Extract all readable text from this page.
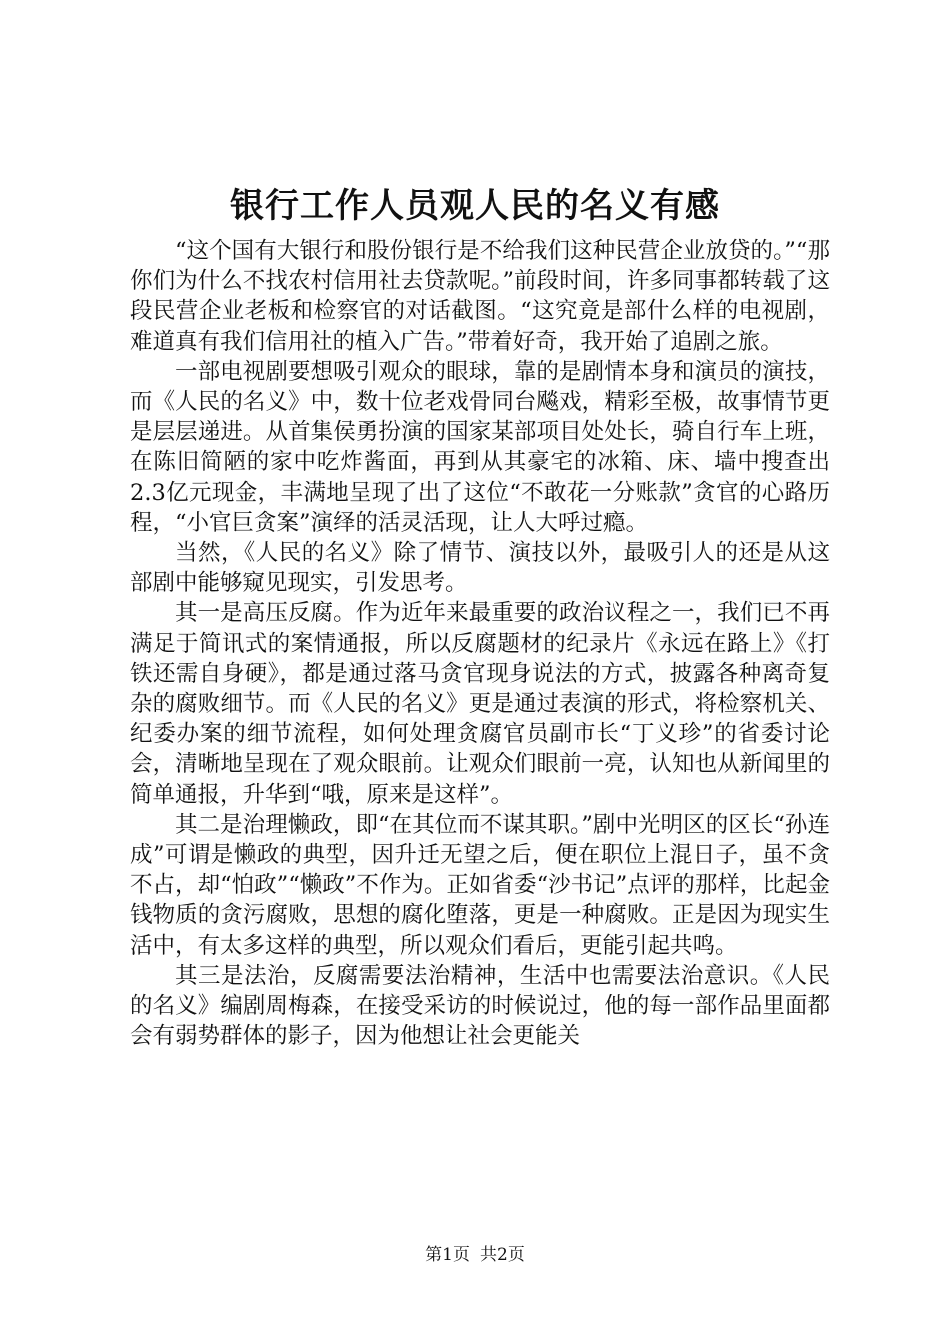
银行工作人员观人民的名义有感

“这个国有大银行和股份银行是不给我们这种民营企业放贷的。”“那你们为什么不找农村信用社去贷款呢。”前段时间，许多同事都转载了这段民营企业老板和检察官的对话截图。“这究竟是部什么样的电视剧，难道真有我们信用社的植入广告。”带着好奇，我开始了追剧之旅。

一部电视剧要想吸引观众的眼球，靠的是剧情本身和演员的演技，而《人民的名义》中，数十位老戏骨同台飚戏，精彩至极，故事情节更是层层递进。从首集侯勇扮演的国家某部项目处处长，骑自行车上班，在陈旧简陋的家中吃炸酱面，再到从其豪宅的冰箱、床、墙中搜查出2.3亿元现金，丰满地呈现了出了这位“不敢花一分账款”贪官的心路历程，“小官巨贪案”演绎的活灵活现，让人大呼过瘾。

当然，《人民的名义》除了情节、演技以外，最吸引人的还是从这部剧中能够窥见现实，引发思考。

其一是高压反腐。作为近年来最重要的政治议程之一，我们已不再满足于简讯式的案情通报，所以反腐题材的纪录片《永远在路上》《打铁还需自身硬》，都是通过落马贪官现身说法的方式，披露各种离奇复杂的腐败细节。而《人民的名义》更是通过表演的形式，将检察机关、纪委办案的细节流程，如何处理贪腐官员副市长“丁义珍”的省委讨论会，清晰地呈现在了观众眼前。让观众们眼前一亮，认知也从新闻里的简单通报，升华到“哦，原来是这样”。

其二是治理懒政，即“在其位而不谋其职。”剧中光明区的区长“孙连成”可谓是懒政的典型，因升迁无望之后，便在职位上混日子，虽不贪不占，却“怕政”“懒政”不作为。正如省委“沙书记”点评的那样，比起金钱物质的贪污腐败，思想的腐化堕落，更是一种腐败。正是因为现实生活中，有太多这样的典型，所以观众们看后，更能引起共鸣。

其三是法治，反腐需要法治精神，生活中也需要法治意识。《人民的名义》编剧周梅森，在接受采访的时候说过，他的每一部作品里面都会有弱势群体的影子，因为他想让社会更能关

第1页 共2页
